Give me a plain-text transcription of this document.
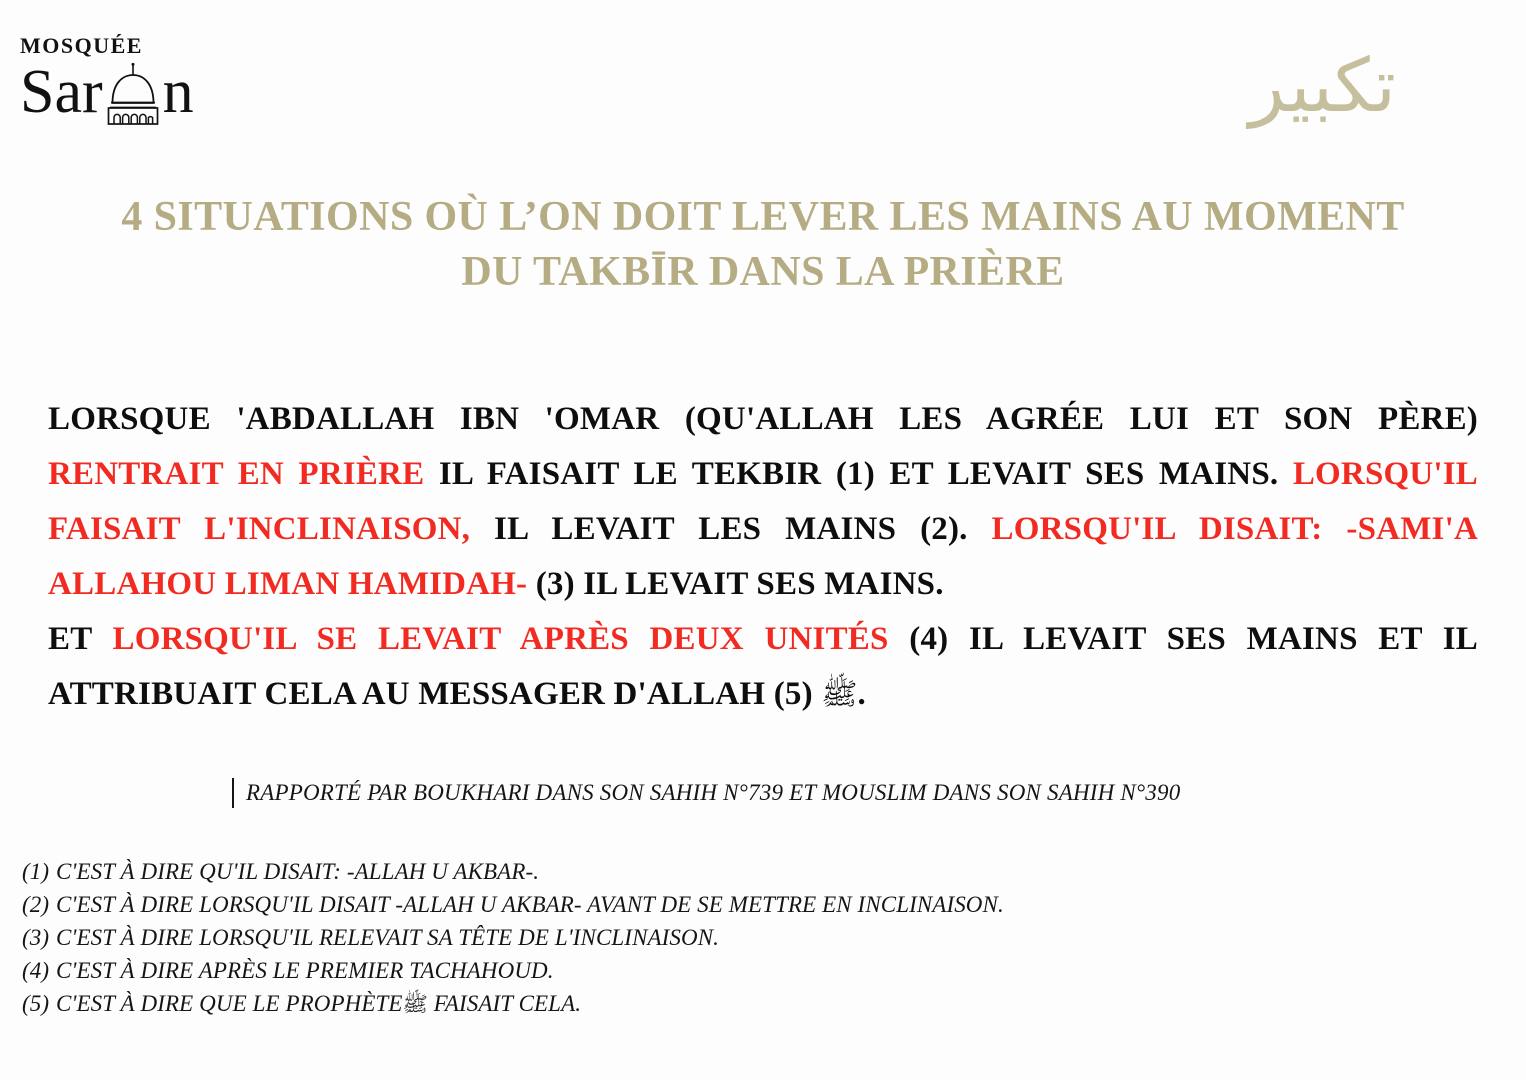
mosquée
Sar n	تكبير
4 SITUATIONS OÙ L’ON DOIT LEVER LES MAINS AU MOMENT
DU TAKBĪR DANS LA PRIÈRE
LORSQUE 'ABDALLAH IBN 'OMAR (QU'ALLAH LES AGRÉE LUI ET SON PÈRE)
RENTRAIT EN PRIÈRE IL FAISAIT LE TEKBIR (1) ET LEVAIT SES MAINS. LORSQU'IL
FAISAIT L'INCLINAISON, IL LEVAIT LES MAINS (2). LORSQU'IL DISAIT: -SAMI'A
ALLAHOU LIMAN HAMIDAH- (3) IL LEVAIT SES MAINS.
ET LORSQU'IL SE LEVAIT APRÈS DEUX UNITÉS (4) IL LEVAIT SES MAINS ET IL
ATTRIBUAIT CELA AU MESSAGER D'ALLAH (5) ﷺ.
RAPPORTÉ PAR BOUKHARI DANS SON SAHIH N°739 ET MOUSLIM DANS SON SAHIH N°390
(1) C'EST À DIRE QU'IL DISAIT: -ALLAH U AKBAR-.
(2) C'EST À DIRE LORSQU'IL DISAIT -ALLAH U AKBAR- AVANT DE SE METTRE EN INCLINAISON.
(3) C'EST À DIRE LORSQU'IL RELEVAIT SA TÊTE DE L'INCLINAISON.
(4) C'EST À DIRE APRÈS LE PREMIER TACHAHOUD.
(5) C'EST À DIRE QUE LE PROPHÈTEﷺ FAISAIT CELA.
